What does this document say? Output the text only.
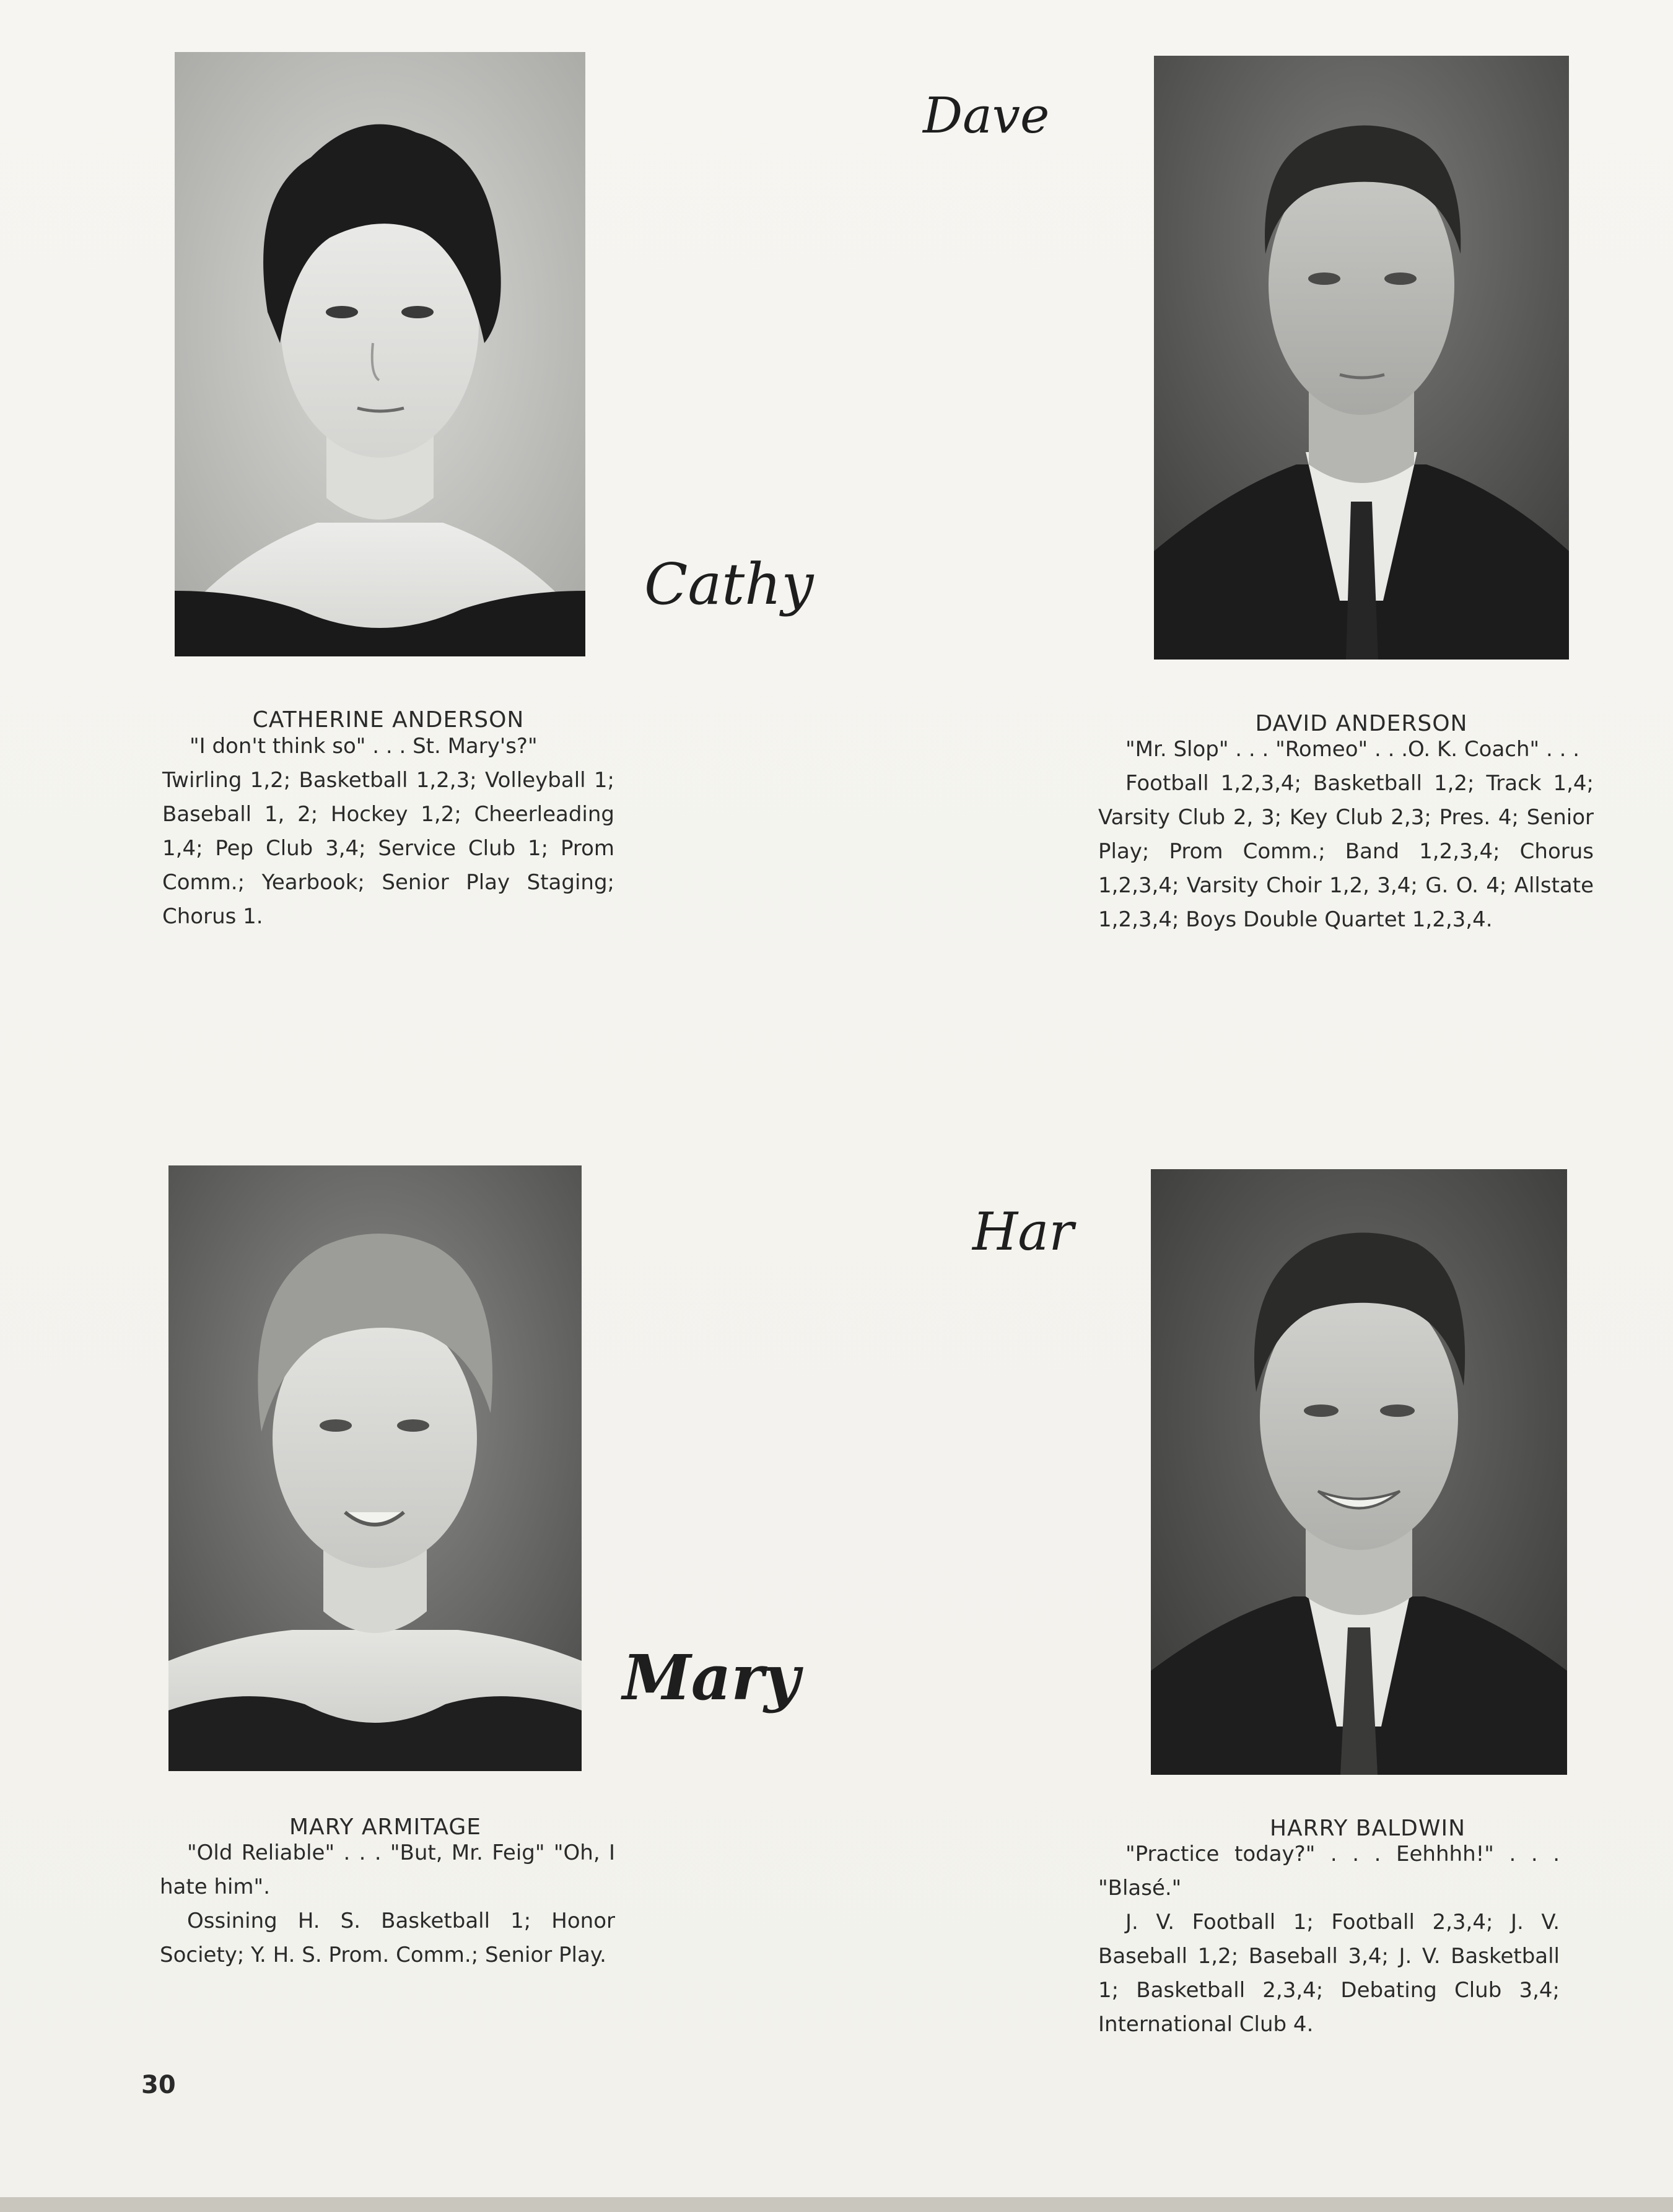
Cathy
CATHERINE ANDERSON

"I don't think so" . . . St. Mary's?"

Twirling 1,2; Basketball 1,2,3; Volleyball 1; Baseball 1, 2; Hockey 1,2; Cheerleading 1,4; Pep Club 3,4; Service Club 1; Prom Comm.; Yearbook; Senior Play Staging; Chorus 1.

Dave
DAVID ANDERSON

"Mr. Slop" . . . "Romeo" . . .O. K. Coach" . . .

Football 1,2,3,4; Basketball 1,2; Track 1,4; Varsity Club 2, 3; Key Club 2,3; Pres. 4; Senior Play; Prom Comm.; Band 1,2,3,4; Chorus 1,2,3,4; Varsity Choir 1,2, 3,4; G. O. 4; Allstate 1,2,3,4; Boys Double Quartet 1,2,3,4.

Mary
MARY ARMITAGE

"Old Reliable" . . . "But, Mr. Feig" "Oh, I hate him".

Ossining H. S. Basketball 1; Honor Society; Y. H. S. Prom. Comm.; Senior Play.

Har
HARRY BALDWIN

"Practice today?" . . . Eehhhh!" . . . "Blasé."

J. V. Football 1; Football 2,3,4; J. V. Baseball 1,2; Baseball 3,4; J. V. Basketball 1; Basketball 2,3,4; Debating Club 3,4; International Club 4.

30
